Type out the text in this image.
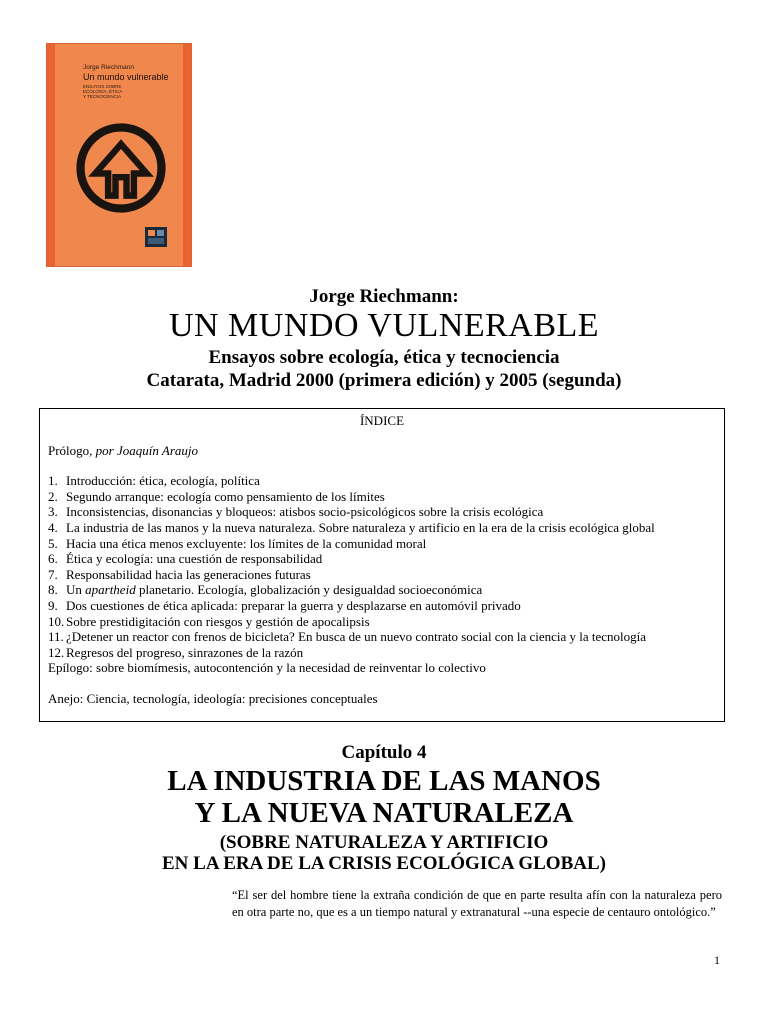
Jorge Riechmann
Un mundo vulnerable
ENSAYOS SOBRE
ECOLOGÍA, ÉTICA
Y TECNOCIENCIA
Jorge Riechmann:
UN MUNDO VULNERABLE
Ensayos sobre ecología, ética y tecnociencia
Catarata, Madrid 2000 (primera edición) y 2005 (segunda)
ÍNDICE
Prólogo, por Joaquín Araujo
1. Introducción: ética, ecología, política
2. Segundo arranque: ecología como pensamiento de los límites
3. Inconsistencias, disonancias y bloqueos: atisbos socio-psicológicos sobre la crisis ecológica
4. La industria de las manos y la nueva naturaleza. Sobre naturaleza y artificio en la era de la crisis ecológica global
5. Hacia una ética menos excluyente: los límites de la comunidad moral
6. Ética y ecología: una cuestión de responsabilidad
7. Responsabilidad hacia las generaciones futuras
8. Un apartheid planetario. Ecología, globalización y desigualdad socioeconómica
9. Dos cuestiones de ética aplicada: preparar la guerra y desplazarse en automóvil privado
10. Sobre prestidigitación con riesgos y gestión de apocalipsis
11. ¿Detener un reactor con frenos de bicicleta? En busca de un nuevo contrato social con la ciencia y la tecnología
12. Regresos del progreso, sinrazones de la razón
Epílogo: sobre biomímesis, autocontención y la necesidad de reinventar lo colectivo
Anejo: Ciencia, tecnología, ideología: precisiones conceptuales
Capítulo 4
LA INDUSTRIA DE LAS MANOS
Y LA NUEVA NATURALEZA
(SOBRE NATURALEZA Y ARTIFICIO
EN LA ERA DE LA CRISIS ECOLÓGICA GLOBAL)
“El ser del hombre tiene la extraña condición de que en parte resulta afín con la naturaleza pero en otra parte no, que es a un tiempo natural y extranatural --una especie de centauro ontológico.”
1
